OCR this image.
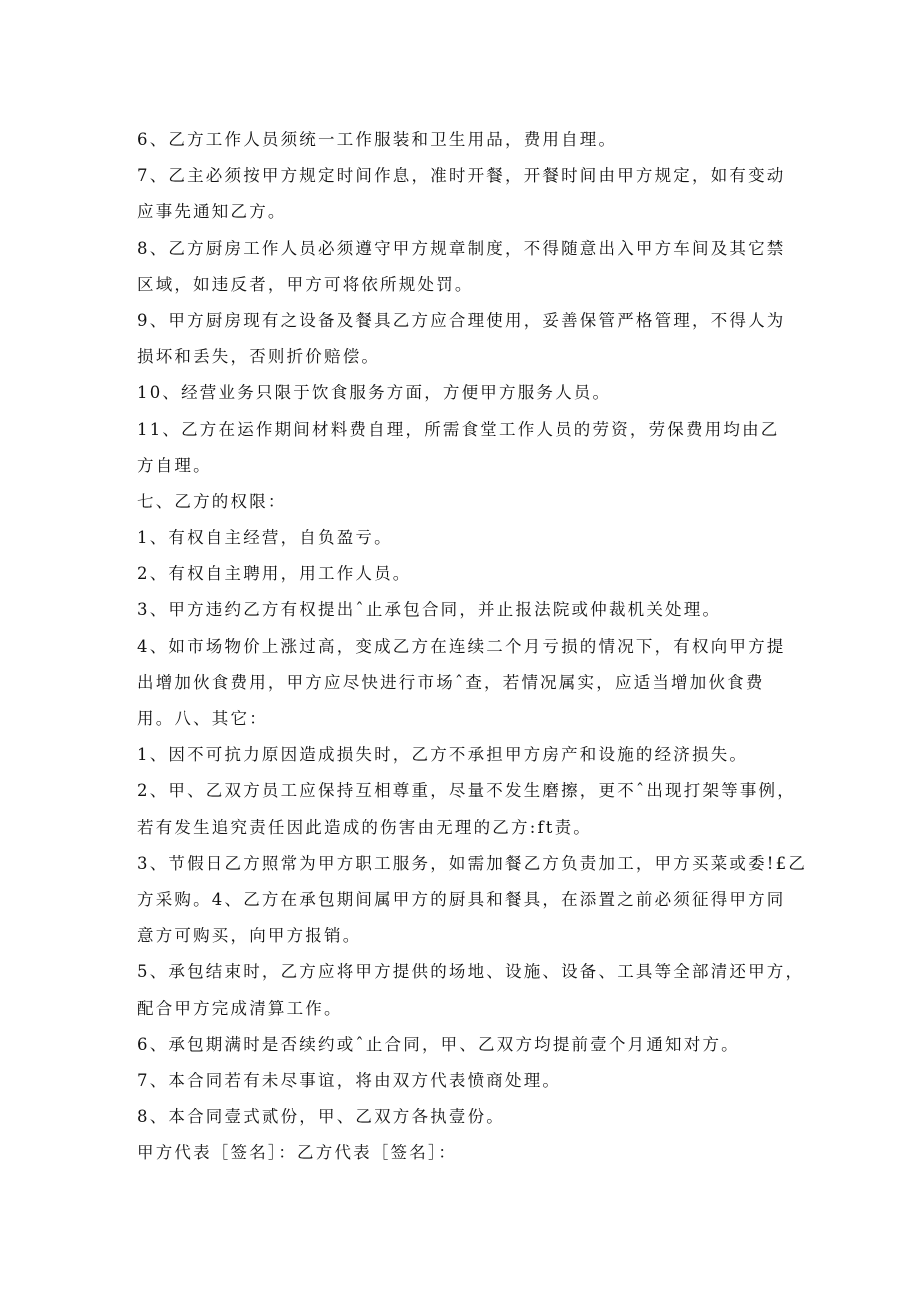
6、乙方工作人员须统一工作服装和卫生用品，费用自理。
7、乙主必须按甲方规定时间作息，准时开餐，开餐时间由甲方规定，如有变动
应事先通知乙方。
8、乙方厨房工作人员必须遵守甲方规章制度，不得随意出入甲方车间及其它禁
区域，如违反者，甲方可将依所规处罚。
9、甲方厨房现有之设备及餐具乙方应合理使用，妥善保管严格管理，不得人为
损坏和丢失，否则折价赔偿。
10、经营业务只限于饮食服务方面，方便甲方服务人员。
11、乙方在运作期间材料费自理，所需食堂工作人员的劳资，劳保费用均由乙
方自理。
七、乙方的权限：
1、有权自主经营，自负盈亏。
2、有权自主聘用，用工作人员。
3、甲方违约乙方有权提出ˆ止承包合同，并止报法院或仲裁机关处理。
4、如市场物价上涨过高，变成乙方在连续二个月亏损的情况下，有权向甲方提
出增加伙食费用，甲方应尽快进行市场ˆ查，若情况属实，应适当增加伙食费
用。八、其它：
1、因不可抗力原因造成损失时，乙方不承担甲方房产和设施的经济损失。
2、甲、乙双方员工应保持互相尊重，尽量不发生磨擦，更不ˆ出现打架等事例，
若有发生追究责任因此造成的伤害由无理的乙方:ft责。
3、节假日乙方照常为甲方职工服务，如需加餐乙方负责加工，甲方买菜或委!£乙
方采购。4、乙方在承包期间属甲方的厨具和餐具，在添置之前必须征得甲方同
意方可购买，向甲方报销。
5、承包结束时，乙方应将甲方提供的场地、设施、设备、工具等全部清还甲方，
配合甲方完成清算工作。
6、承包期满时是否续约或ˆ止合同，甲、乙双方均提前壹个月通知对方。
7、本合同若有未尽事谊，将由双方代表愤商处理。
8、本合同壹式贰份，甲、乙双方各执壹份。
甲方代表［签名］：乙方代表［签名］：
